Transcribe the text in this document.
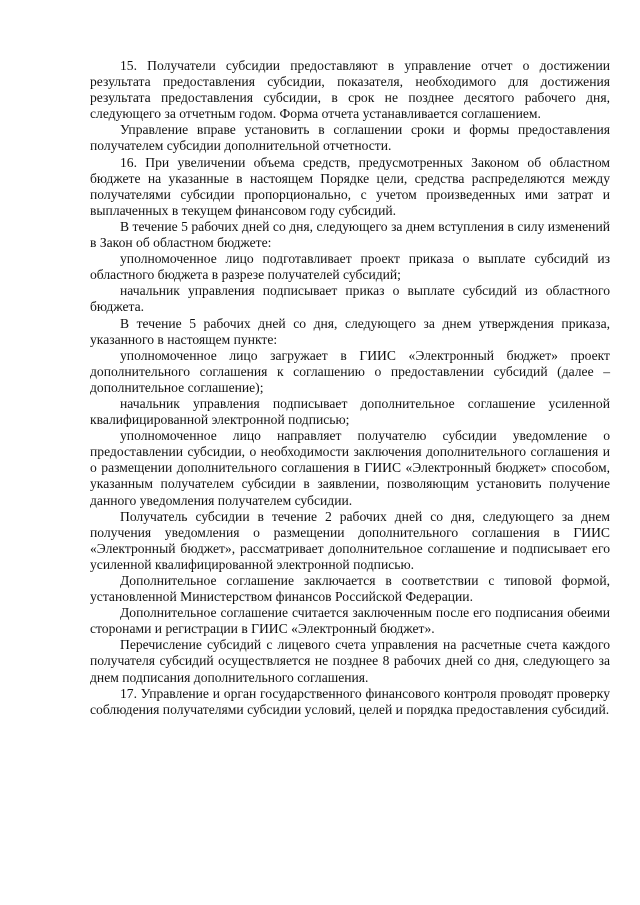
15. Получатели субсидии предоставляют в управление отчет о достижении результата предоставления субсидии, показателя, необходимого для достижения результата предоставления субсидии, в срок не позднее десятого рабочего дня, следующего за отчетным годом. Форма отчета устанавливается соглашением.

Управление вправе установить в соглашении сроки и формы предоставления получателем субсидии дополнительной отчетности.

16. При увеличении объема средств, предусмотренных Законом об областном бюджете на указанные в настоящем Порядке цели, средства распределяются между получателями субсидии пропорционально, с учетом произведенных ими затрат и выплаченных в текущем финансовом году субсидий.

В течение 5 рабочих дней со дня, следующего за днем вступления в силу изменений в Закон об областном бюджете:

уполномоченное лицо подготавливает проект приказа о выплате субсидий из областного бюджета в разрезе получателей субсидий;

начальник управления подписывает приказ о выплате субсидий из областного бюджета.

В течение 5 рабочих дней со дня, следующего за днем утверждения приказа, указанного в настоящем пункте:

уполномоченное лицо загружает в ГИИС «Электронный бюджет» проект дополнительного соглашения к соглашению о предоставлении субсидий (далее – дополнительное соглашение);

начальник управления подписывает дополнительное соглашение усиленной квалифицированной электронной подписью;

уполномоченное лицо направляет получателю субсидии уведомление о предоставлении субсидии, о необходимости заключения дополнительного соглашения и о размещении дополнительного соглашения в ГИИС «Электронный бюджет» способом, указанным получателем субсидии в заявлении, позволяющим установить получение данного уведомления получателем субсидии.

Получатель субсидии в течение 2 рабочих дней со дня, следующего за днем получения уведомления о размещении дополнительного соглашения в ГИИС «Электронный бюджет», рассматривает дополнительное соглашение и подписывает его усиленной квалифицированной электронной подписью.

Дополнительное соглашение заключается в соответствии с типовой формой, установленной Министерством финансов Российской Федерации.

Дополнительное соглашение считается заключенным после его подписания обеими сторонами и регистрации в ГИИС «Электронный бюджет».

Перечисление субсидий с лицевого счета управления на расчетные счета каждого получателя субсидий осуществляется не позднее 8 рабочих дней со дня, следующего за днем подписания дополнительного соглашения.

17. Управление и орган государственного финансового контроля проводят проверку соблюдения получателями субсидии условий, целей и порядка предоставления субсидий.
